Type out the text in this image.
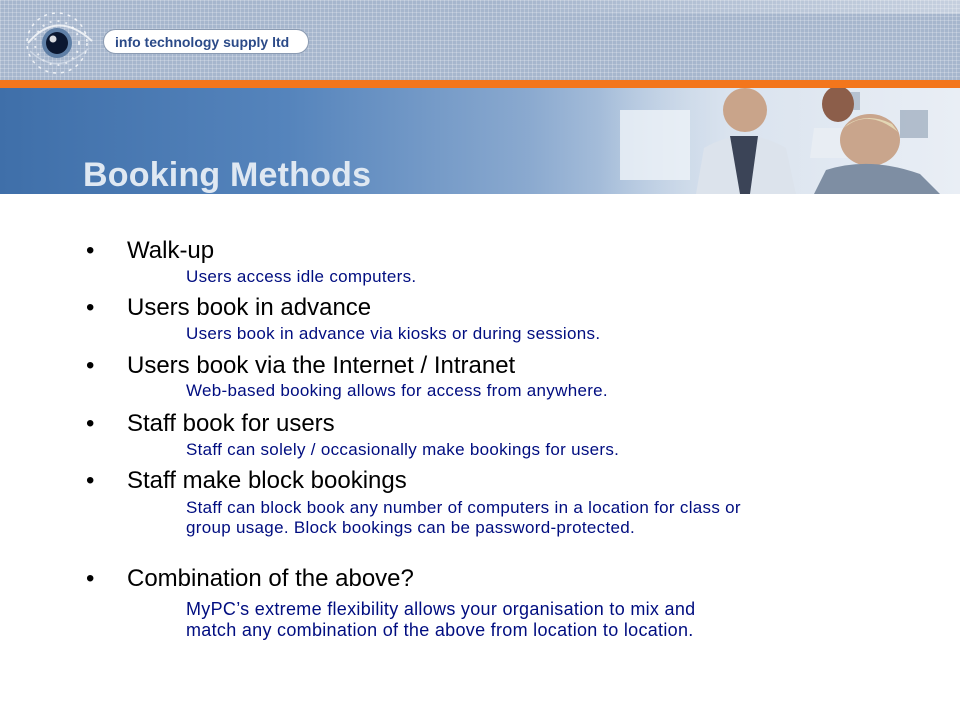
info technology supply ltd
Booking Methods
• Walk-up
Users access idle computers.
• Users book in advance
Users book in advance via kiosks or during sessions.
• Users book via the Internet / Intranet
Web-based booking allows for access from anywhere.
• Staff book for users
Staff can solely / occasionally make bookings for users.
• Staff make block bookings
Staff can block book any number of computers in a location for class or group usage. Block bookings can be password-protected.
• Combination of the above?
MyPC’s extreme flexibility allows your organisation to mix and match any combination of the above from location to location.
